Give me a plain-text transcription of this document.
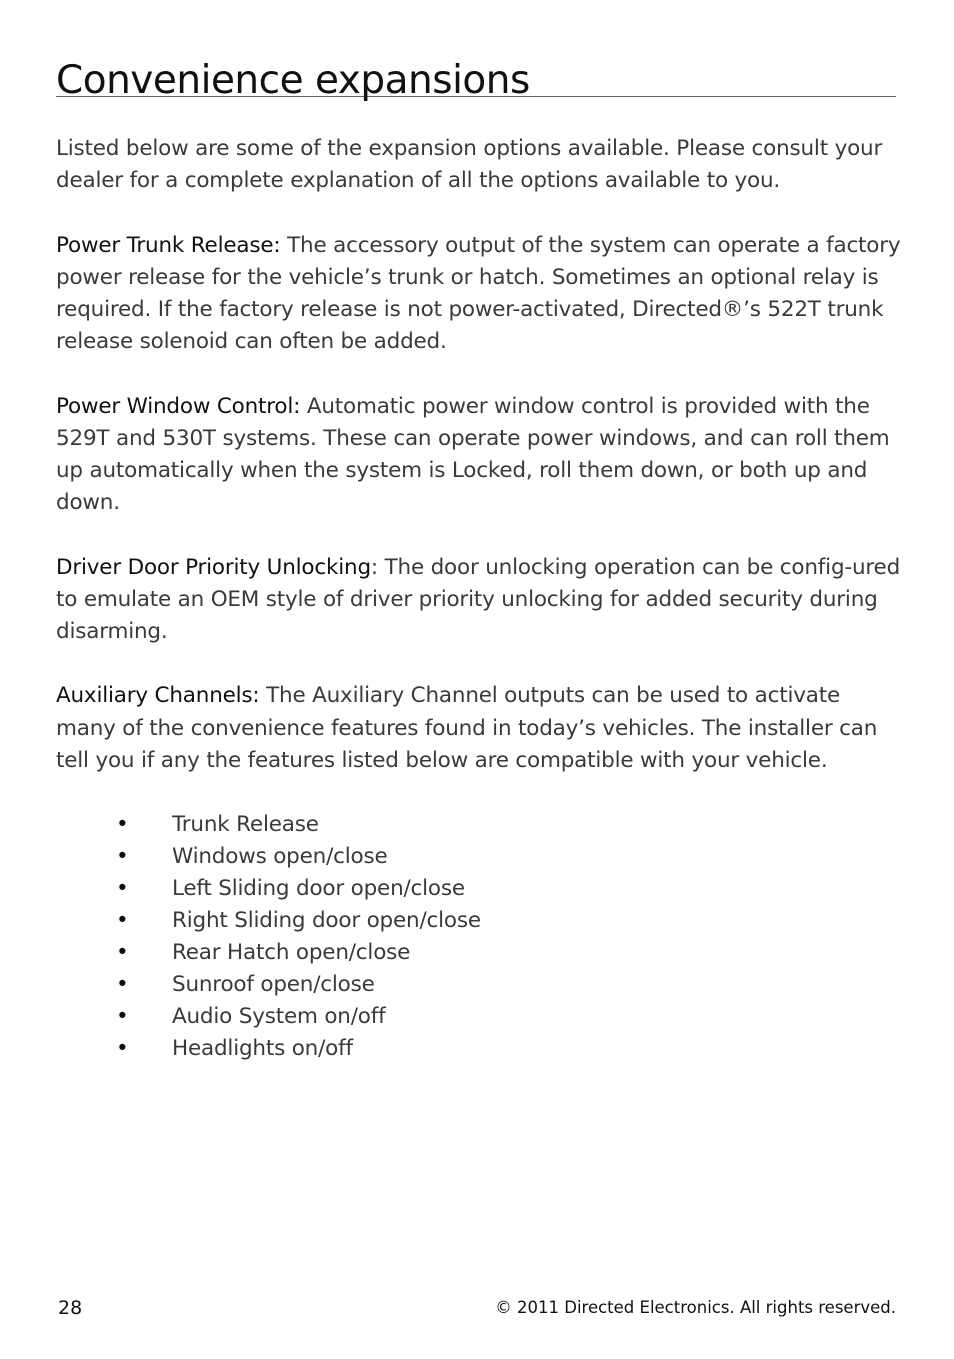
Convenience expansions

Listed below are some of the expansion options available. Please consult your dealer for a complete explanation of all the options available to you.

Power Trunk Release: The accessory output of the system can operate a factory power release for the vehicle’s trunk or hatch. Sometimes an optional relay is required. If the factory release is not power-activated, Directed®’s 522T trunk release solenoid can often be added.

Power Window Control: Automatic power window control is provided with the 529T and 530T systems. These can operate power windows, and can roll them up automatically when the system is Locked, roll them down, or both up and down.

Driver Door Priority Unlocking: The door unlocking operation can be config-ured to emulate an OEM style of driver priority unlocking for added security during disarming.

Auxiliary Channels: The Auxiliary Channel outputs can be used to activate many of the convenience features found in today’s vehicles. The installer can tell you if any the features listed below are compatible with your vehicle.

• Trunk Release
• Windows open/close
• Left Sliding door open/close
• Right Sliding door open/close
• Rear Hatch open/close
• Sunroof open/close
• Audio System on/off
• Headlights on/off
28	© 2011 Directed Electronics. All rights reserved.
